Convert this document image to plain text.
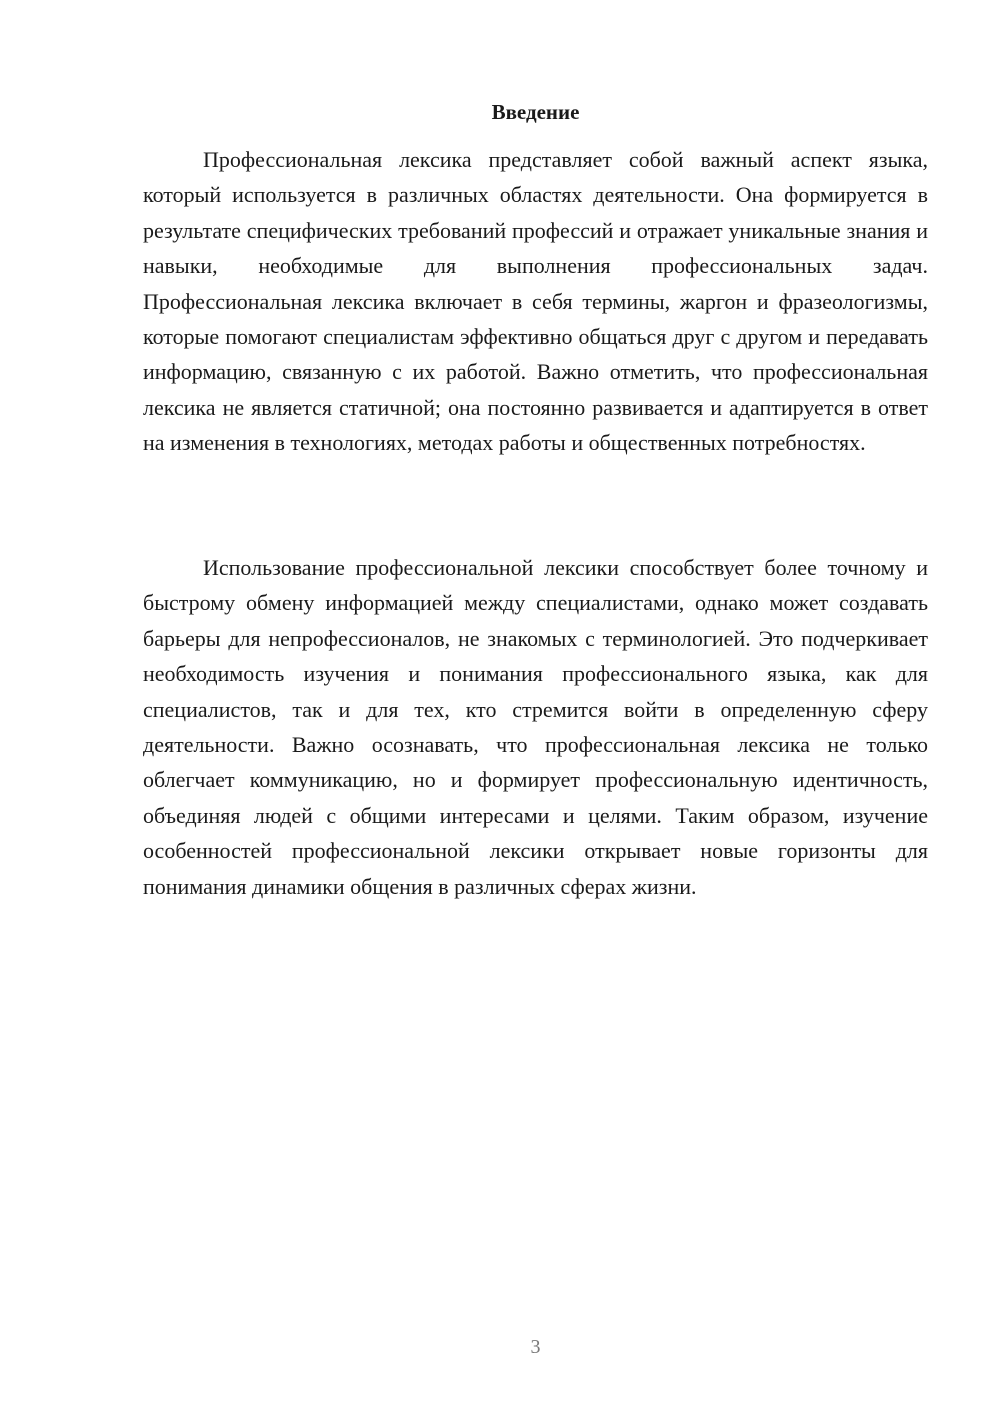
Введение

Профессиональная лексика представляет собой важный аспект языка, который используется в различных областях деятельности. Она формируется в результате специфических требований профессий и отражает уникальные знания и навыки, необходимые для выполнения профессиональных задач. Профессиональная лексика включает в себя термины, жаргон и фразеологизмы, которые помогают специалистам эффективно общаться друг с другом и передавать информацию, связанную с их работой. Важно отметить, что профессиональная лексика не является статичной; она постоянно развивается и адаптируется в ответ на изменения в технологиях, методах работы и общественных потребностях.

Использование профессиональной лексики способствует более точному и быстрому обмену информацией между специалистами, однако может создавать барьеры для непрофессионалов, не знакомых с терминологией. Это подчеркивает необходимость изучения и понимания профессионального языка, как для специалистов, так и для тех, кто стремится войти в определенную сферу деятельности. Важно осознавать, что профессиональная лексика не только облегчает коммуникацию, но и формирует профессиональную идентичность, объединяя людей с общими интересами и целями. Таким образом, изучение особенностей профессиональной лексики открывает новые горизонты для понимания динамики общения в различных сферах жизни.

3
